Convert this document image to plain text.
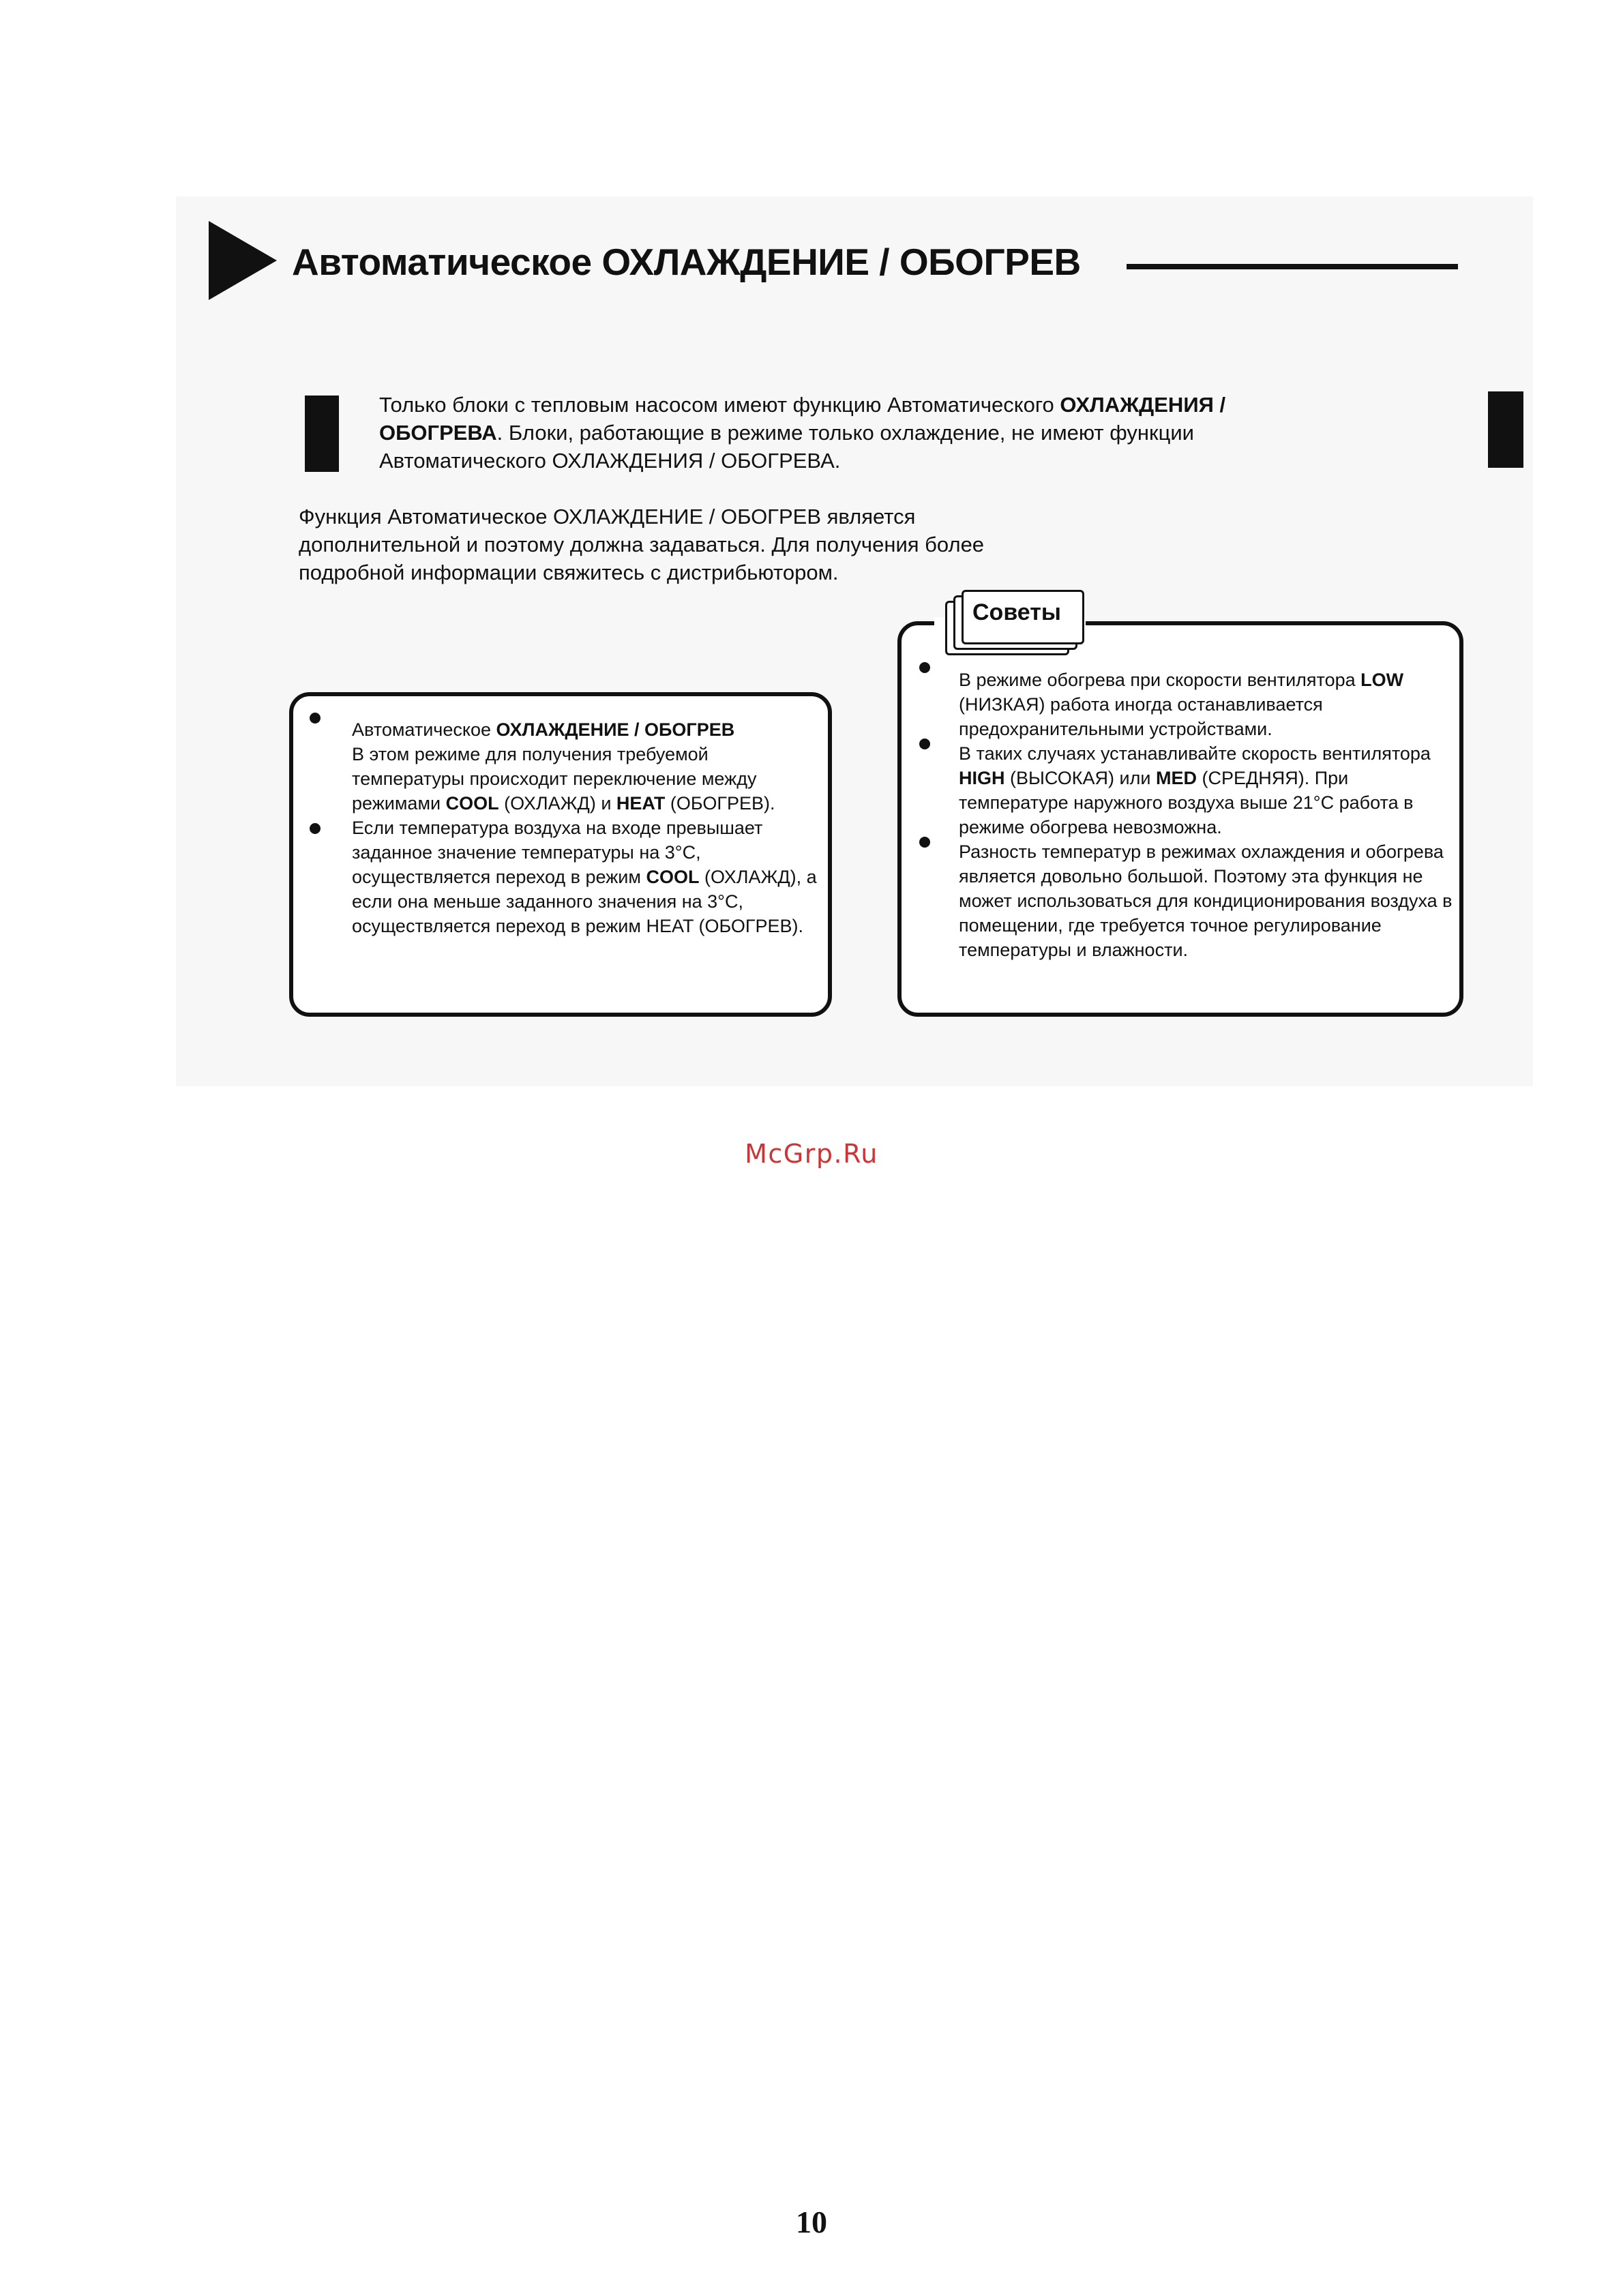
Автоматическое ОХЛАЖДЕНИЕ / ОБОГРЕВ

Только блоки с тепловым насосом имеют функцию Автоматического ОХЛАЖДЕНИЯ / ОБОГРЕВА. Блоки, работающие в режиме только охлаждение, не имеют функции Автоматического ОХЛАЖДЕНИЯ / ОБОГРЕВА.

Функция Автоматическое ОХЛАЖДЕНИЕ / ОБОГРЕВ является дополнительной и поэтому должна задаваться. Для получения более подробной информации свяжитесь с дистрибьютором.

Автоматическое ОХЛАЖДЕНИЕ / ОБОГРЕВ
В этом режиме для получения требуемой температуры происходит переключение между режимами COOL (ОХЛАЖД) и HEAT (ОБОГРЕВ).

Если температура воздуха на входе превышает заданное значение температуры на 3°C, осуществляется переход в режим COOL (ОХЛАЖД), а если она меньше заданного значения на 3°C, осуществляется переход в режим HEAT (ОБОГРЕВ).

В режиме обогрева при скорости вентилятора LOW (НИЗКАЯ) работа иногда останавливается предохранительными устройствами.

В таких случаях устанавливайте скорость вентилятора HIGH (ВЫСОКАЯ) или MED (СРЕДНЯЯ). При температуре наружного воздуха выше 21°C работа в режиме обогрева невозможна.

Разность температур в режимах охлаждения и обогрева является довольно большой. Поэтому эта функция не может использоваться для кондиционирования воздуха в помещении, где требуется точное регулирование температуры и влажности.

Советы

McGrp.Ru

10
